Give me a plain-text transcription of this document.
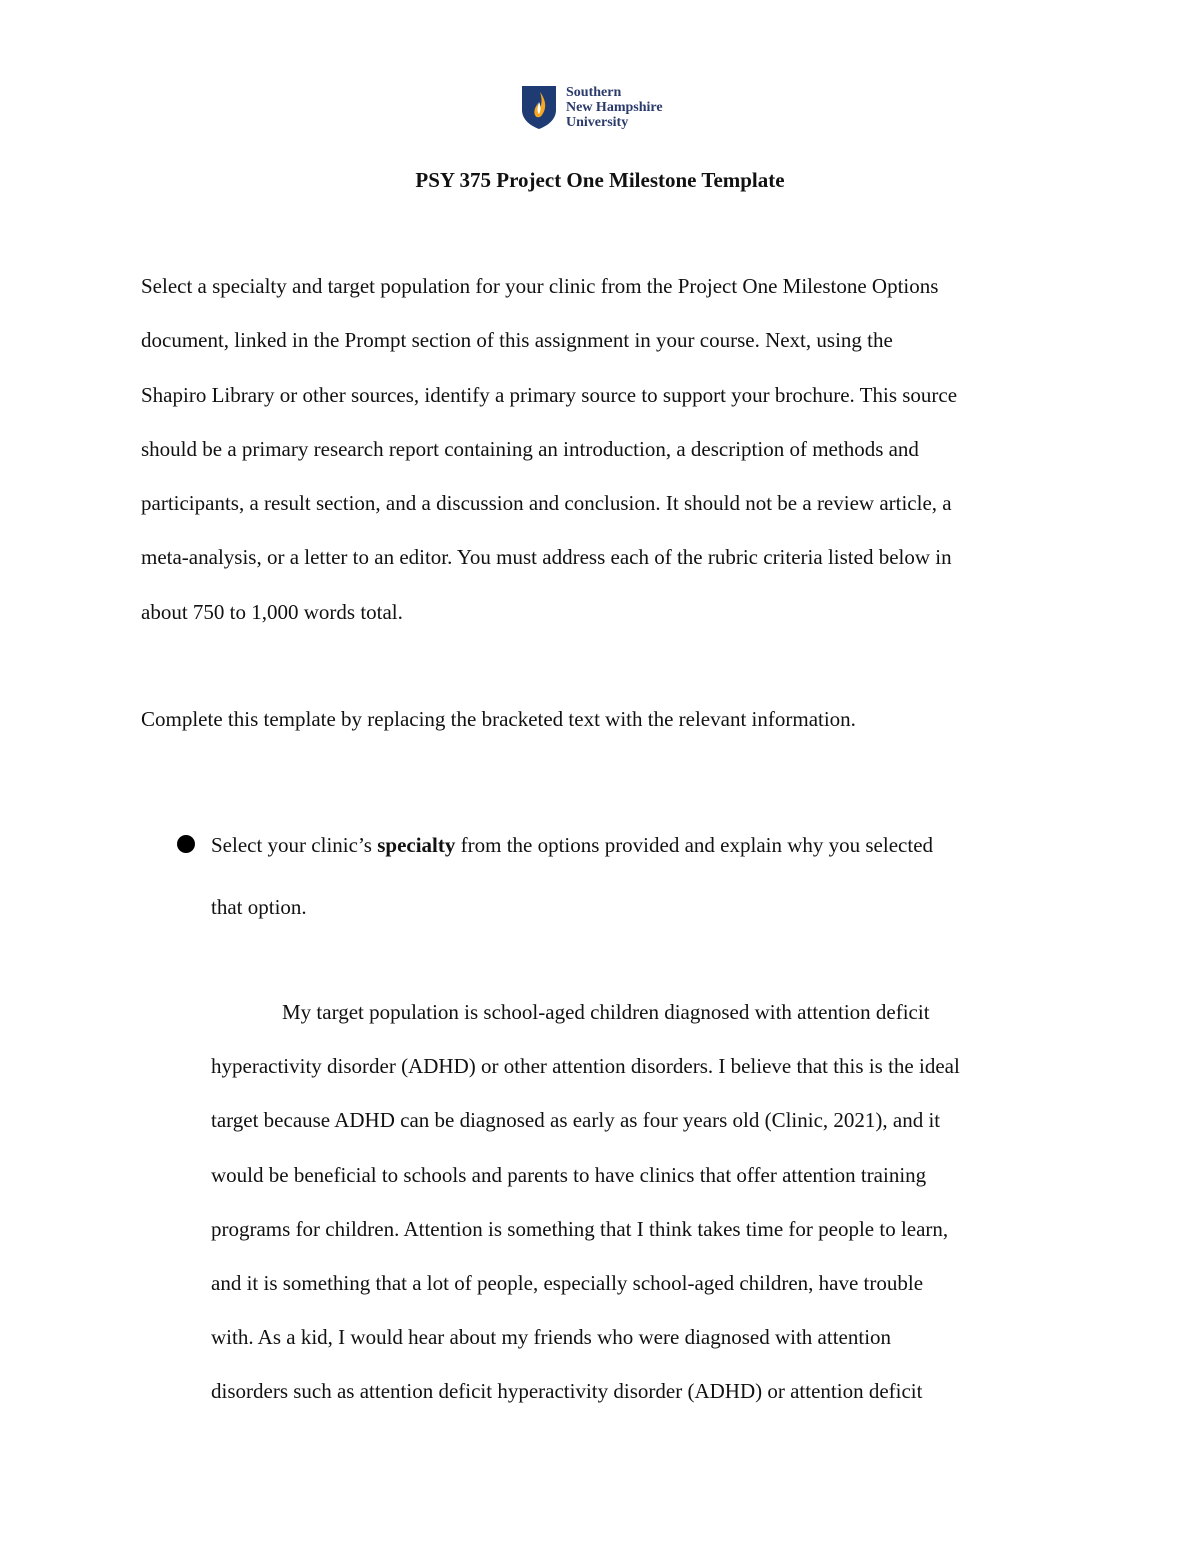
Southern
New Hampshire
University
PSY 375 Project One Milestone Template

Select a specialty and target population for your clinic from the Project One Milestone Options
document, linked in the Prompt section of this assignment in your course. Next, using the
Shapiro Library or other sources, identify a primary source to support your brochure. This source
should be a primary research report containing an introduction, a description of methods and
participants, a result section, and a discussion and conclusion. It should not be a review article, a
meta-analysis, or a letter to an editor. You must address each of the rubric criteria listed below in
about 750 to 1,000 words total.

Complete this template by replacing the bracketed text with the relevant information.

Select your clinic’s specialty from the options provided and explain why you selected
that option.

My target population is school-aged children diagnosed with attention deficit
hyperactivity disorder (ADHD) or other attention disorders. I believe that this is the ideal
target because ADHD can be diagnosed as early as four years old (Clinic, 2021), and it
would be beneficial to schools and parents to have clinics that offer attention training
programs for children. Attention is something that I think takes time for people to learn,
and it is something that a lot of people, especially school-aged children, have trouble
with. As a kid, I would hear about my friends who were diagnosed with attention
disorders such as attention deficit hyperactivity disorder (ADHD) or attention deficit
